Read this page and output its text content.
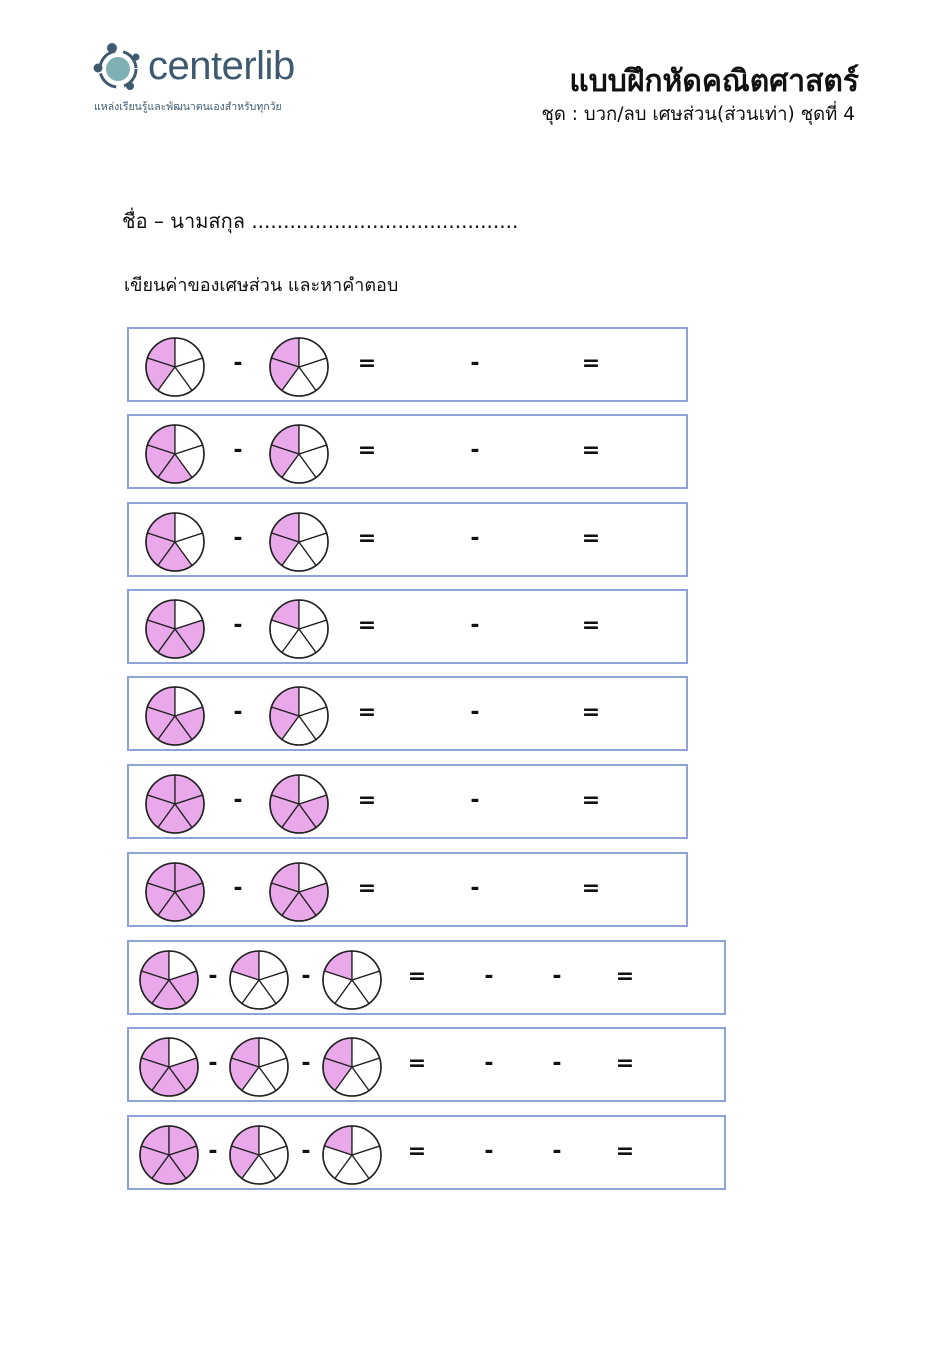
centerlib
แหล่งเรียนรู้และพัฒนาตนเองสำหรับทุกวัย
แบบฝึกหัดคณิตศาสตร์
ชุด : บวก/ลบ เศษส่วน(ส่วนเท่า) ชุดที่ 4
ชื่อ – นามสกุล ..........................................
เขียนค่าของเศษส่วน และหาคำตอบ
-	=	-	=
-	=	-	=
-	=	-	=
-	=	-	=
-	=	-	=
-	=	-	=
-	=	-	=
-	-	=	-	- =
-	-	=	-	- =
-	-	=	-	- =
